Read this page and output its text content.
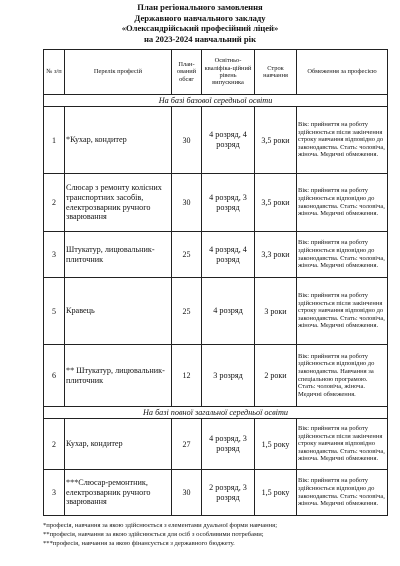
План регіонального замовлення
Державного навчального закладу
«Олександрійський професійний ліцей»
на 2023-2024 навчальний рік
№ з/п	Перелік професій	План-ований обсяг	Освітньо-кваліфіка-ційний рівень випускника	Строк навчання	Обмеження за професією
На базі базової середньої освіти					
1	*Кухар, кондитер	30	4 розряд, 4 розряд	3,5 роки	Вік: прийняття на роботу здійснюється після закінчення строку навчання відповідно до законодавства. Стать: чоловіча, жіноча. Медичні обмеження.
2	Слюсар з ремонту колісних транспортних засобів, електрозварник ручного зварювання	30	4 розряд, 3 розряд	3,5 роки	Вік: прийняття на роботу здійснюється відповідно до законодавства. Стать: чоловіча, жіноча. Медичні обмеження.
3	Штукатур, лицювальник-плиточник	25	4 розряд, 4 розряд	3,3 роки	Вік: прийняття на роботу здійснюється відповідно до законодавства. Стать: чоловіча, жіноча. Медичні обмеження.
5	Кравець	25	4 розряд	3 роки	Вік: прийняття на роботу здійснюється після закінчення строку навчання відповідно до законодавства. Стать: чоловіча, жіноча. Медичні обмеження.
6	** Штукатур, лицювальник-плиточник	12	3 розряд	2 роки	Вік: прийняття на роботу здійснюється відповідно до законодавства. Навчання за спеціальною програмою. Стать: чоловіча, жіноча. Медичні обмеження.
На базі повної загальної середньої освіти					
2	Кухар, кондитер	27	4 розряд, 3 розряд	1,5 року	Вік: прийняття на роботу здійснюється після закінчення строку навчання відповідно законодавства. Стать: чоловіча, жіноча. Медичні обмеження.
3	***Слюсар-ремонтник, електрозварник ручного зварювання	30	2 розряд, 3 розряд	1,5 року	Вік: прийняття на роботу здійснюється відповідно до законодавства. Стать: чоловіча, жіноча. Медичні обмеження.
*професія, навчання за якою здійснюється з елементами дуальної форми навчання;
**професія, навчання за якою здійснюється для осіб з особливими потребами;
***професія, навчання за якою фінансується з державного бюджету.
